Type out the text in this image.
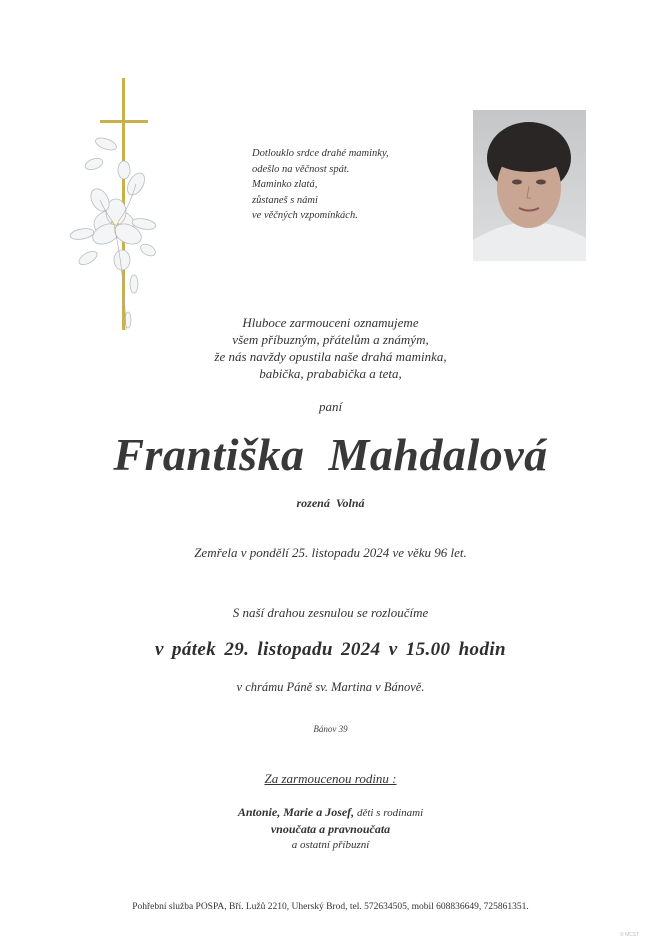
Dotlouklo srdce drahé maminky,
odešlo na věčnost spát.
Maminko zlatá,
zůstaneš s námi
ve věčných vzpomínkách.
Hluboce zarmouceni oznamujeme
všem příbuzným, přátelům a známým,
že nás navždy opustila naše drahá maminka,
babička, prababička a teta,
paní
Františka  Mahdalová
rozená  Volná
Zemřela v pondělí 25. listopadu 2024 ve věku 96 let.
S naší drahou zesnulou se rozloučíme
v pátek 29. listopadu 2024 v 15.00 hodin
v chrámu Páně sv. Martina v Bánově.
Bánov 39
Za zarmoucenou rodinu :
Antonie, Marie a Josef, děti s rodinami
vnoučata a pravnoučata
a ostatní příbuzní
Pohřební služba POSPA, Bří. Lužů 2210, Uherský Brod, tel. 572634505, mobil 608836649, 725861351.
© MCST
